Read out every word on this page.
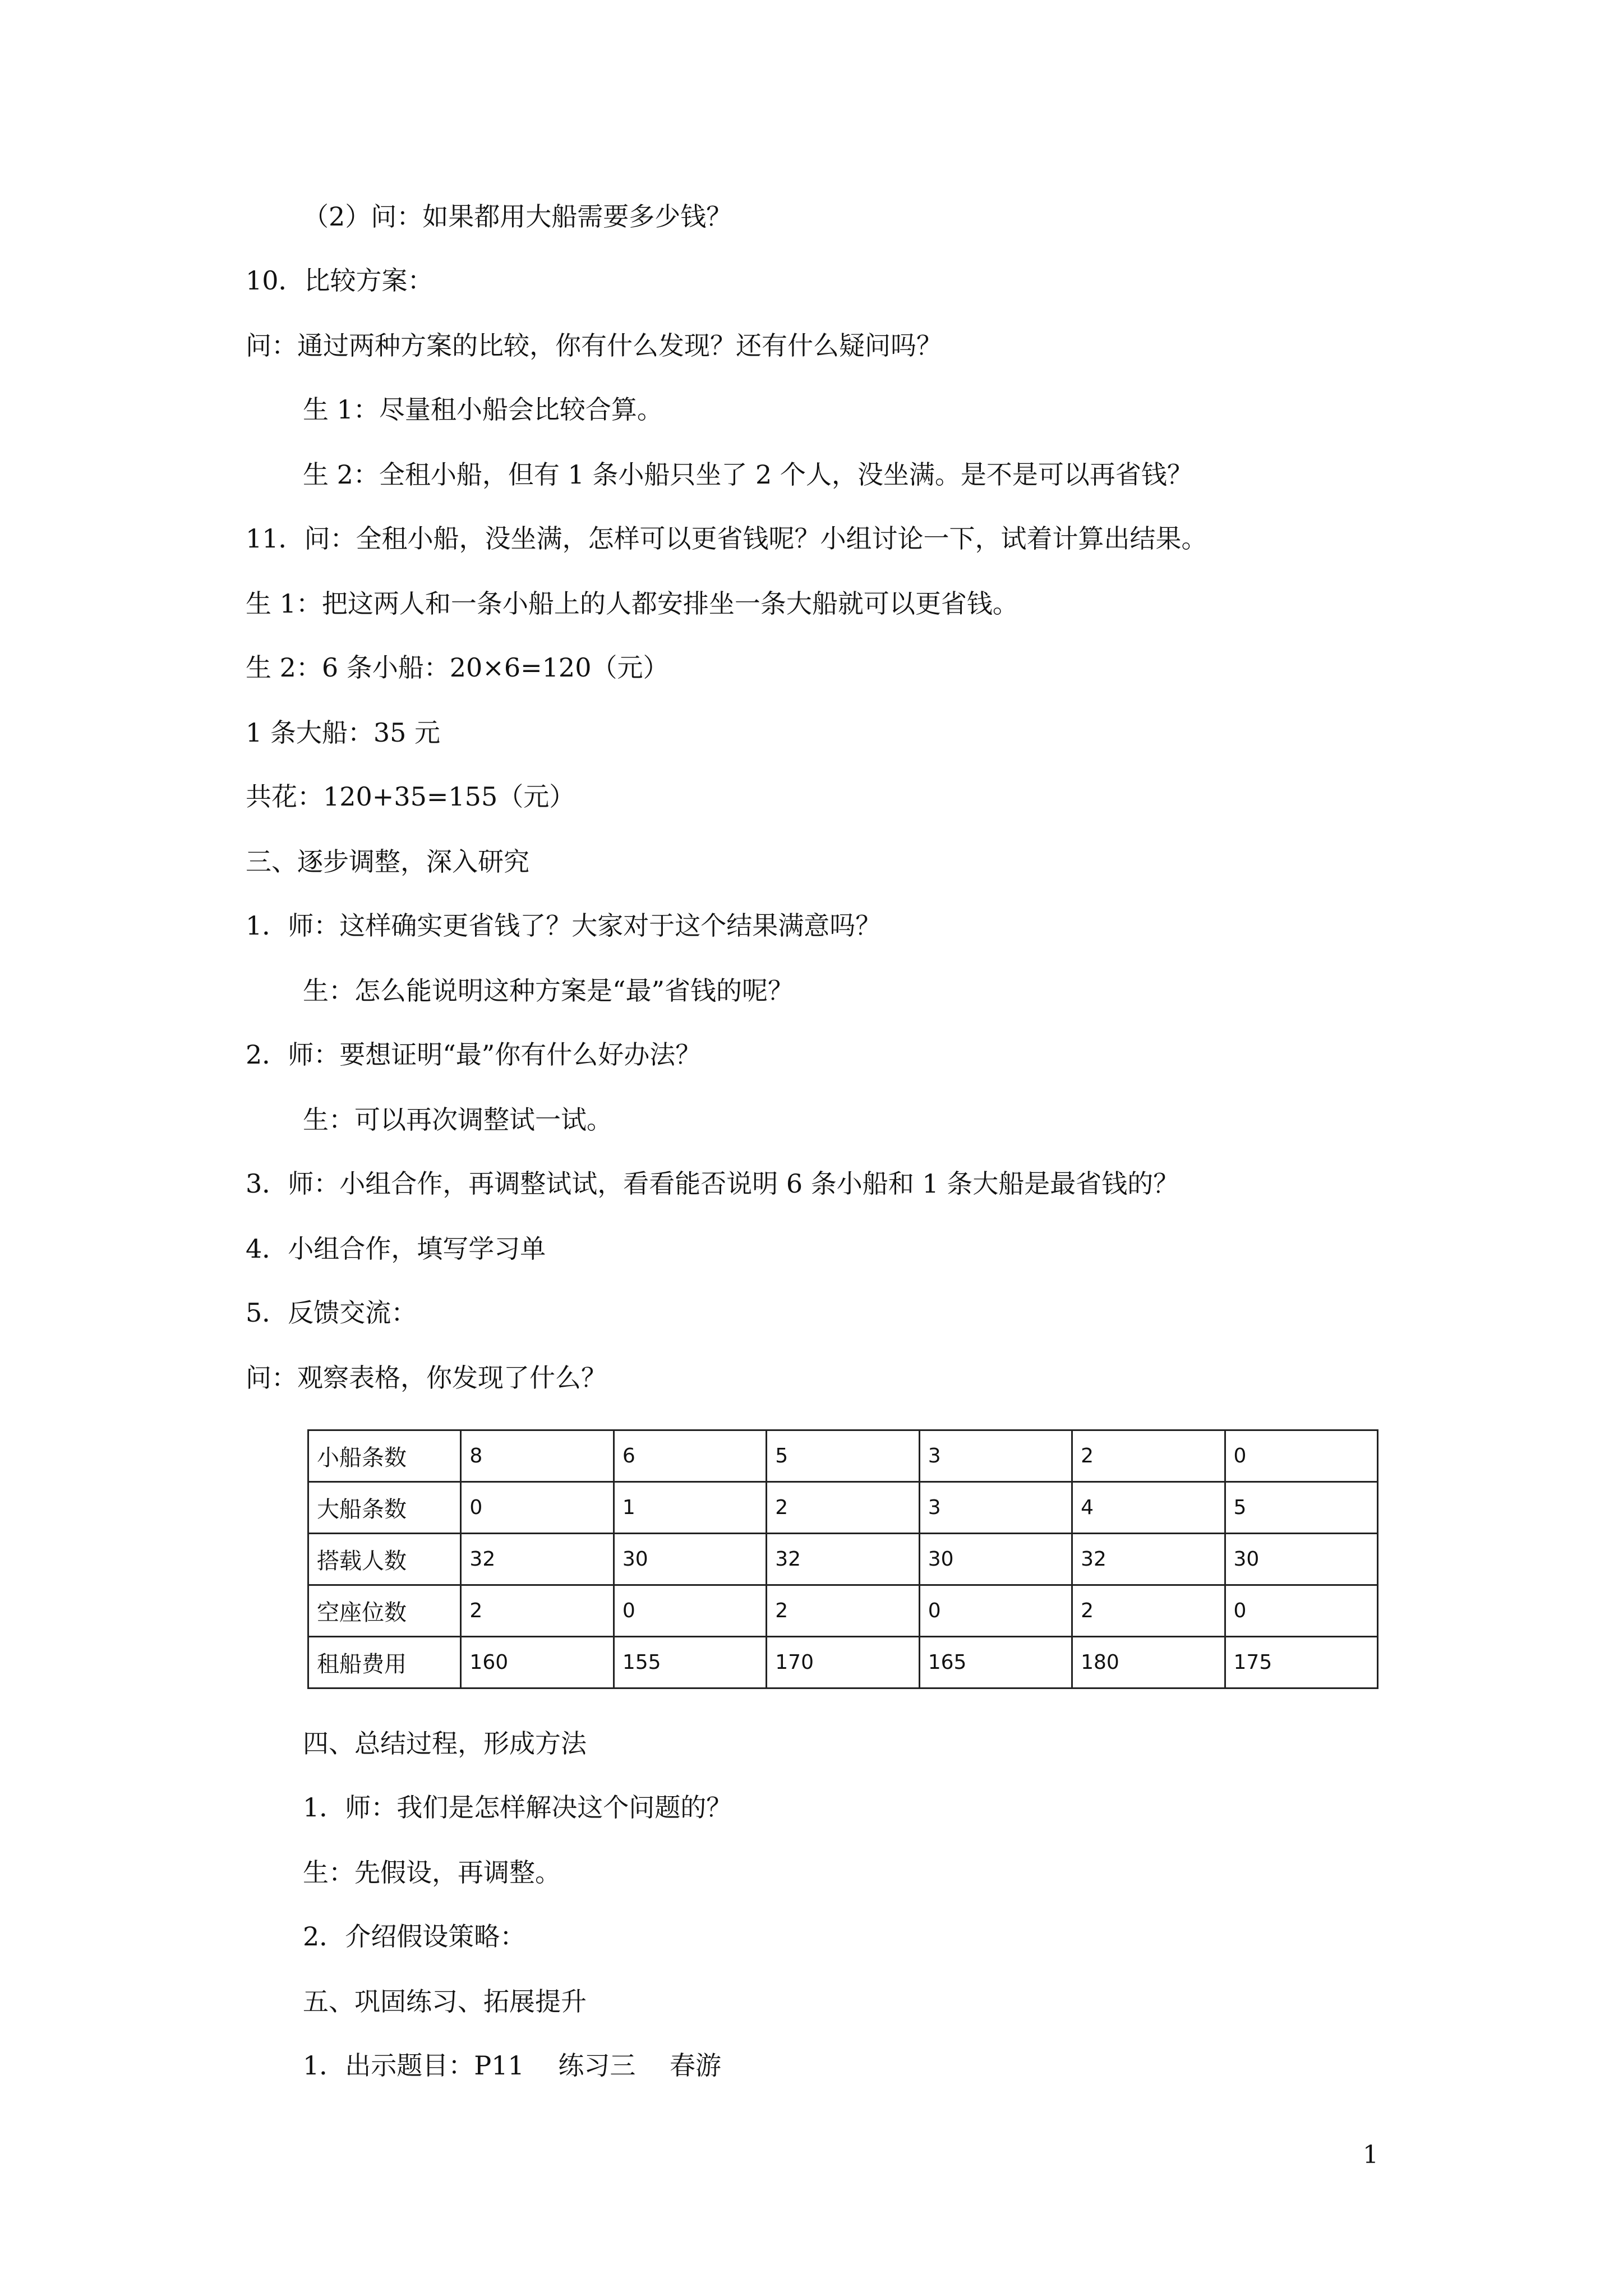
（2）问：如果都用大船需要多少钱？
10．比较方案：
问：通过两种方案的比较，你有什么发现？还有什么疑问吗？
生 1：尽量租小船会比较合算。
生 2：全租小船，但有 1 条小船只坐了 2 个人，没坐满。是不是可以再省钱？
11．问：全租小船，没坐满，怎样可以更省钱呢？小组讨论一下，试着计算出结果。
生 1：把这两人和一条小船上的人都安排坐一条大船就可以更省钱。
生 2：6 条小船：20×6=120（元）
1 条大船：35 元
共花：120+35=155（元）
三、逐步调整，深入研究
1．师：这样确实更省钱了？大家对于这个结果满意吗？
生：怎么能说明这种方案是“最”省钱的呢？
2．师：要想证明“最”你有什么好办法？
生：可以再次调整试一试。
3．师：小组合作，再调整试试，看看能否说明 6 条小船和 1 条大船是最省钱的？
4．小组合作，填写学习单
5．反馈交流：
问：观察表格，你发现了什么？
小船条数	8	6	5	3	2	0
大船条数	0	1	2	3	4	5
搭载人数	32	30	32	30	32	30
空座位数	2	0	2	0	2	0
租船费用	160	155	170	165	180	175
四、总结过程，形成方法
1．师：我们是怎样解决这个问题的？
生：先假设，再调整。
2．介绍假设策略：
五、巩固练习、拓展提升
1．出示题目：P11　 练习三　 春游
1
